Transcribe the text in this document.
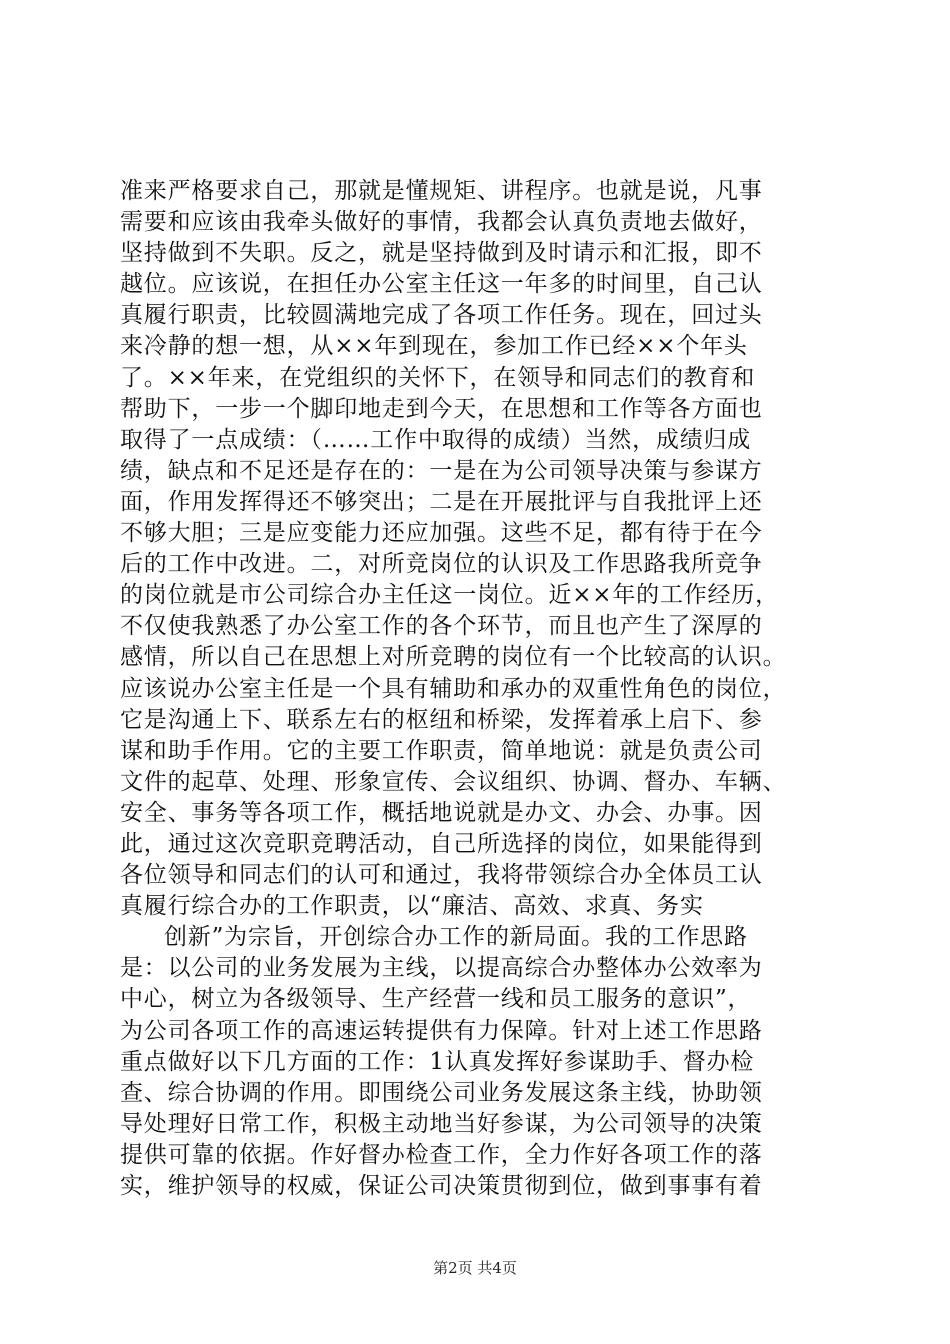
准来严格要求自己，那就是懂规矩、讲程序。也就是说，凡事
需要和应该由我牵头做好的事情，我都会认真负责地去做好，
坚持做到不失职。反之，就是坚持做到及时请示和汇报，即不
越位。应该说，在担任办公室主任这一年多的时间里，自己认
真履行职责，比较圆满地完成了各项工作任务。现在，回过头
来冷静的想一想，从××年到现在，参加工作已经××个年头
了。××年来，在党组织的关怀下，在领导和同志们的教育和
帮助下，一步一个脚印地走到今天，在思想和工作等各方面也
取得了一点成绩：（……工作中取得的成绩）当然，成绩归成
绩，缺点和不足还是存在的：一是在为公司领导决策与参谋方
面，作用发挥得还不够突出；二是在开展批评与自我批评上还
不够大胆；三是应变能力还应加强。这些不足，都有待于在今
后的工作中改进。二，对所竞岗位的认识及工作思路我所竞争
的岗位就是市公司综合办主任这一岗位。近××年的工作经历，
不仅使我熟悉了办公室工作的各个环节，而且也产生了深厚的
感情，所以自己在思想上对所竞聘的岗位有一个比较高的认识。
应该说办公室主任是一个具有辅助和承办的双重性角色的岗位，
它是沟通上下、联系左右的枢纽和桥梁，发挥着承上启下、参
谋和助手作用。它的主要工作职责，简单地说：就是负责公司
文件的起草、处理、形象宣传、会议组织、协调、督办、车辆、
安全、事务等各项工作，概括地说就是办文、办会、办事。因
此，通过这次竞职竞聘活动，自己所选择的岗位，如果能得到
各位领导和同志们的认可和通过，我将带领综合办全体员工认
真履行综合办的工作职责，以“廉洁、高效、求真、务实
创新”为宗旨，开创综合办工作的新局面。我的工作思路
是：以公司的业务发展为主线，以提高综合办整体办公效率为
中心，树立为各级领导、生产经营一线和员工服务的意识”，
为公司各项工作的高速运转提供有力保障。针对上述工作思路
重点做好以下几方面的工作：1认真发挥好参谋助手、督办检
查、综合协调的作用。即围绕公司业务发展这条主线，协助领
导处理好日常工作，积极主动地当好参谋，为公司领导的决策
提供可靠的依据。作好督办检查工作，全力作好各项工作的落
实，维护领导的权威，保证公司决策贯彻到位，做到事事有着
第2页 共4页
